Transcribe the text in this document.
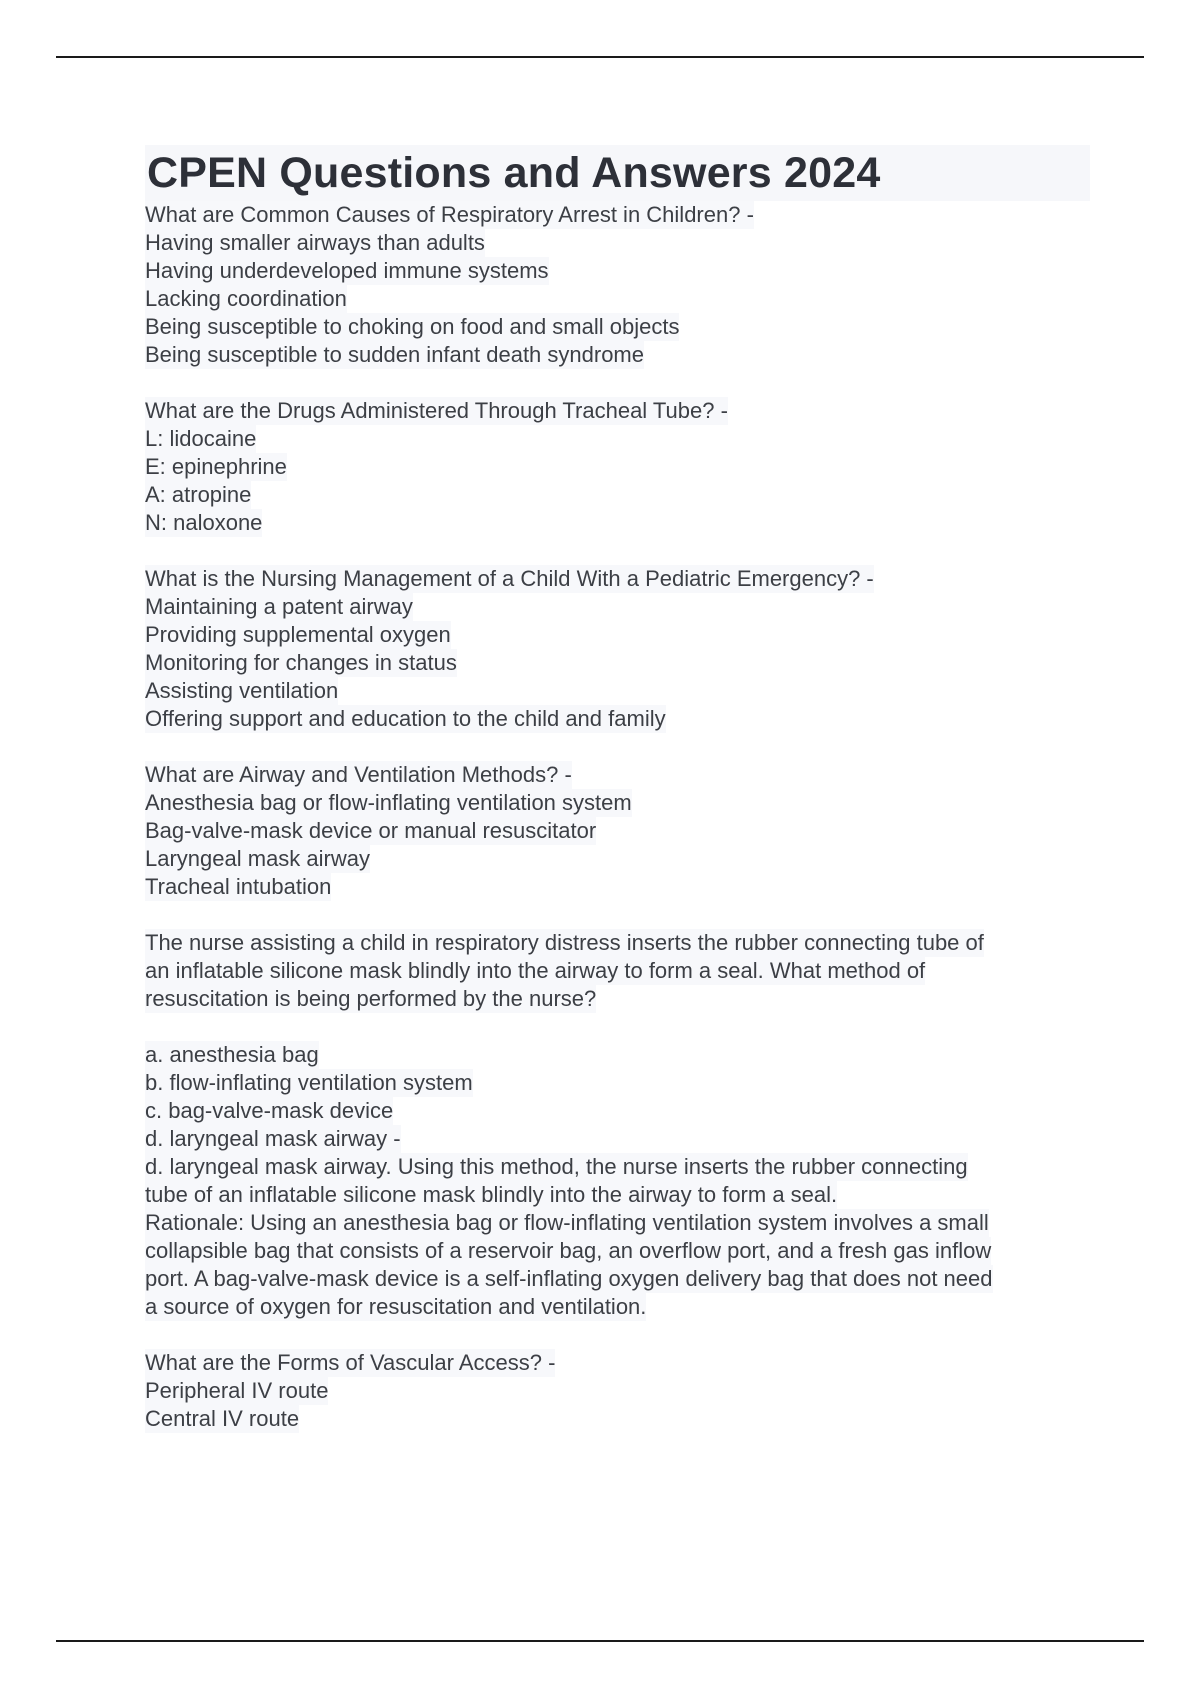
CPEN Questions and Answers 2024
What are Common Causes of Respiratory Arrest in Children? -
Having smaller airways than adults
Having underdeveloped immune systems
Lacking coordination
Being susceptible to choking on food and small objects
Being susceptible to sudden infant death syndrome
What are the Drugs Administered Through Tracheal Tube? -
L: lidocaine
E: epinephrine
A: atropine
N: naloxone
What is the Nursing Management of a Child With a Pediatric Emergency? -
Maintaining a patent airway
Providing supplemental oxygen
Monitoring for changes in status
Assisting ventilation
Offering support and education to the child and family
What are Airway and Ventilation Methods? -
Anesthesia bag or flow-inflating ventilation system
Bag-valve-mask device or manual resuscitator
Laryngeal mask airway
Tracheal intubation
The nurse assisting a child in respiratory distress inserts the rubber connecting tube of
an inflatable silicone mask blindly into the airway to form a seal. What method of
resuscitation is being performed by the nurse?
a. anesthesia bag
b. flow-inflating ventilation system
c. bag-valve-mask device
d. laryngeal mask airway -
d. laryngeal mask airway. Using this method, the nurse inserts the rubber connecting
tube of an inflatable silicone mask blindly into the airway to form a seal.
Rationale: Using an anesthesia bag or flow-inflating ventilation system involves a small
collapsible bag that consists of a reservoir bag, an overflow port, and a fresh gas inflow
port. A bag-valve-mask device is a self-inflating oxygen delivery bag that does not need
a source of oxygen for resuscitation and ventilation.
What are the Forms of Vascular Access? -
Peripheral IV route
Central IV route
